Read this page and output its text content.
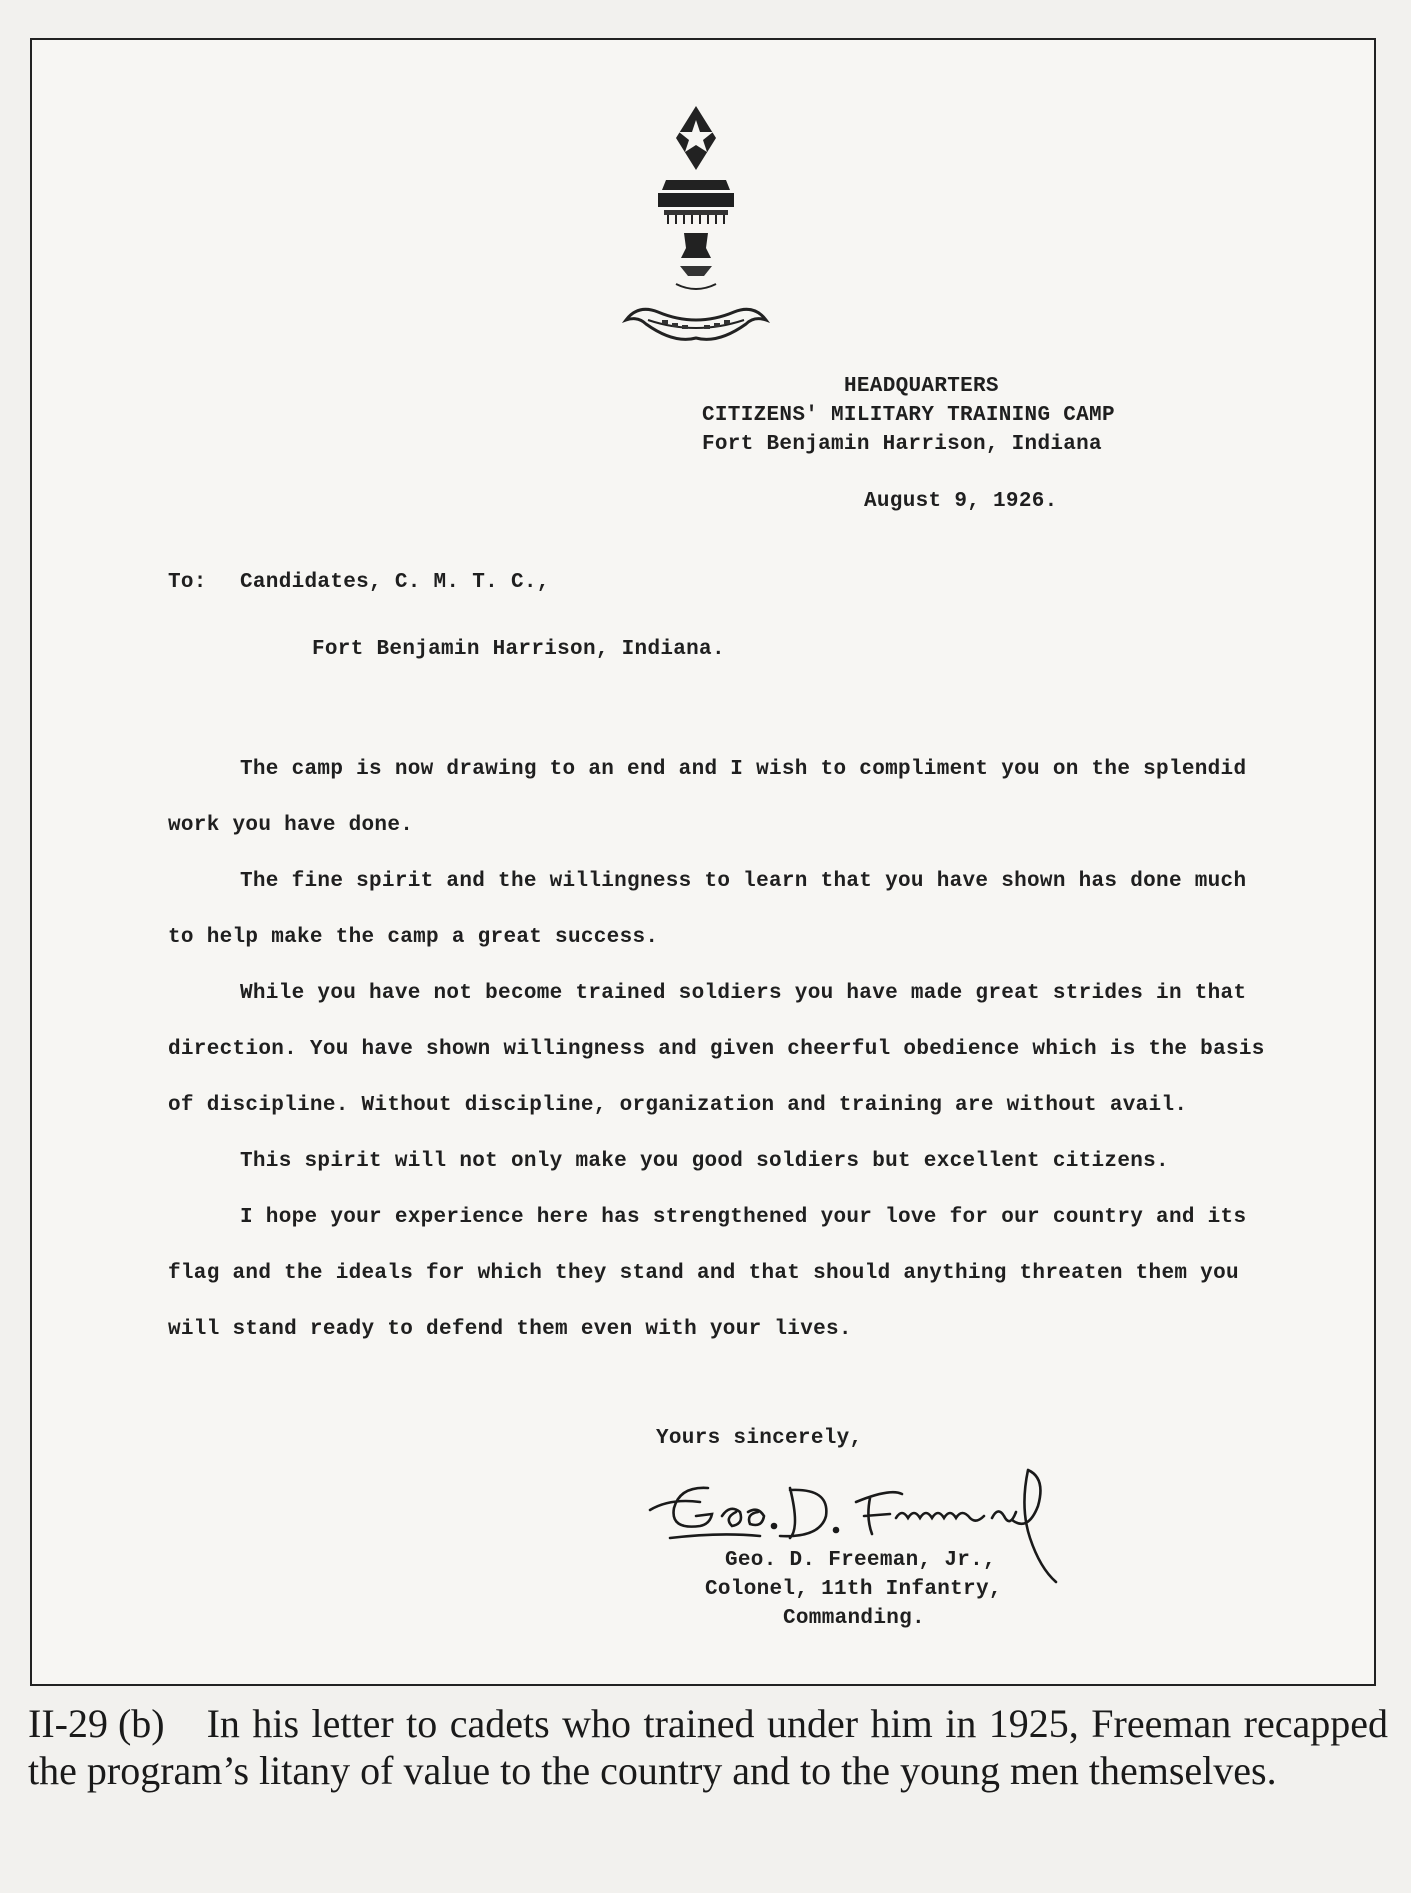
HEADQUARTERS
CITIZENS' MILITARY TRAINING CAMP
Fort Benjamin Harrison, Indiana
August 9, 1926.
To: Candidates, C. M. T. C.,
Fort Benjamin Harrison, Indiana.

The camp is now drawing to an end and I wish to compliment you on the splendid work you have done.

The fine spirit and the willingness to learn that you have shown has done much to help make the camp a great success.

While you have not become trained soldiers you have made great strides in that direction. You have shown willingness and given cheerful obedience which is the basis of discipline. Without discipline, organization and training are without avail.

This spirit will not only make you good soldiers but excellent citizens.

I hope your experience here has strengthened your love for our country and its flag and the ideals for which they stand and that should anything threaten them you will stand ready to defend them even with your lives.

Yours sincerely,
Geo. D. Freeman, Jr.,
Colonel, 11th Infantry,
Commanding.
II-29 (b) In his letter to cadets who trained under him in 1925, Freeman recapped the program’s litany of value to the country and to the young men themselves.
